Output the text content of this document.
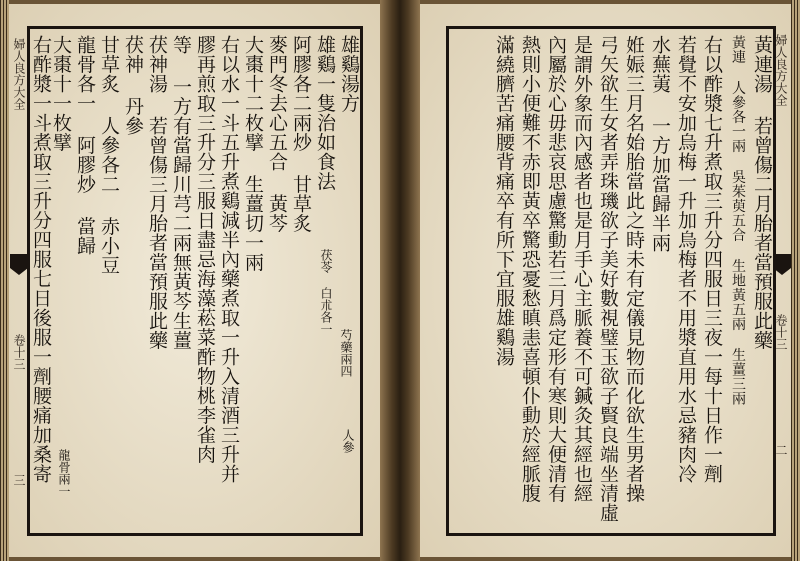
婦人良方大全
卷十三
三
雄鷄湯方
雄鷄一隻治如食法
阿膠各二兩炒 甘草炙
麥門冬去心五合 黃芩
大棗十二枚擘 生薑切一兩
右以水一斗五升煮鷄減半內藥煮取一升入清酒三升并
膠再煎取三升分三服日盡忌海藻菘菜酢物桃李雀肉
等 一方有當歸川芎二兩無黃芩生薑
茯神湯 若曾傷三月胎者當預服此藥
茯神 丹參
甘草炙 人參各二 赤小豆
龍骨各一 阿膠炒 當歸
大棗十一枚擘
右酢漿一斗煮取三升分四服七日後服一劑腰痛加桑寄	茯苓 白朮各一
芍藥兩四
人參
龍骨兩一
婦人良方大全
卷十三
二
黃連湯 若曾傷二月胎者當預服此藥
黃連 人參各一兩 吳茱萸五合 生地黃五兩 生薑三兩
右以酢漿七升煮取三升分四服日三夜一每十日作一劑
若覺不安加烏梅一升加烏梅者不用漿直用水忌豬肉冷
水蕪荑 一方加當歸半兩
姙娠三月名始胎當此之時未有定儀見物而化欲生男者操
弓矢欲生女者弄珠璣欲子美好數視璧玉欲子賢良端坐清虛
是謂外象而內感者也是月手心主脈養不可鍼灸其經也經
內屬於心毋悲哀思慮驚動若三月爲定形有寒則大便清有
熱則小便難不赤即黃卒驚恐憂愁瞋恚喜頓仆動於經脈腹
滿繞臍苦痛腰背痛卒有所下宜服雄鷄湯
